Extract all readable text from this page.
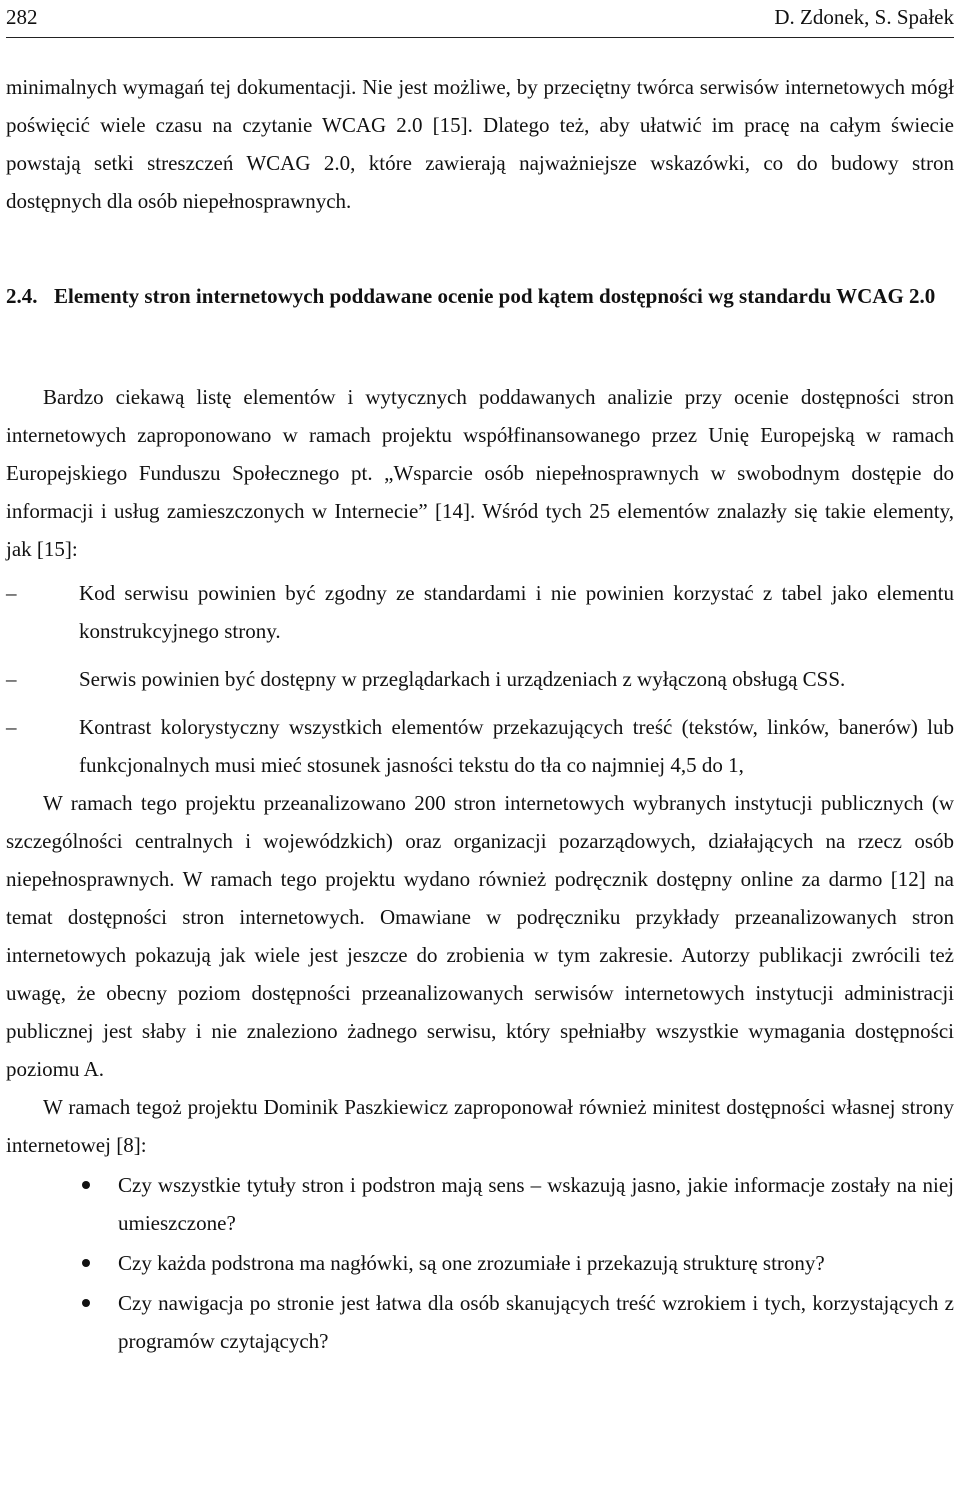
282	D. Zdonek, S. Spałek

minimalnych wymagań tej dokumentacji. Nie jest możliwe, by przeciętny twórca serwisów internetowych mógł poświęcić wiele czasu na czytanie WCAG 2.0 [15]. Dlatego też, aby ułatwić im pracę na całym świecie powstają setki streszczeń WCAG 2.0, które zawierają najważniejsze wskazówki, co do budowy stron dostępnych dla osób niepełnosprawnych.

2.4. Elementy stron internetowych poddawane ocenie pod kątem dostępności wg standardu WCAG 2.0

Bardzo ciekawą listę elementów i wytycznych poddawanych analizie przy ocenie dostępności stron internetowych zaproponowano w ramach projektu współfinansowanego przez Unię Europejską w ramach Europejskiego Funduszu Społecznego pt. „Wsparcie osób niepełnosprawnych w swobodnym dostępie do informacji i usług zamieszczonych w Internecie” [14]. Wśród tych 25 elementów znalazły się takie elementy, jak [15]:

–	Kod serwisu powinien być zgodny ze standardami i nie powinien korzystać z tabel jako elementu konstrukcyjnego strony.
–	Serwis powinien być dostępny w przeglądarkach i urządzeniach z wyłączoną obsługą CSS.
–	Kontrast kolorystyczny wszystkich elementów przekazujących treść (tekstów, linków, banerów) lub funkcjonalnych musi mieć stosunek jasności tekstu do tła co najmniej 4,5 do 1,

W ramach tego projektu przeanalizowano 200 stron internetowych wybranych instytucji publicznych (w szczególności centralnych i wojewódzkich) oraz organizacji pozarządowych, działających na rzecz osób niepełnosprawnych. W ramach tego projektu wydano również podręcznik dostępny online za darmo [12] na temat dostępności stron internetowych. Omawiane w podręczniku przykłady przeanalizowanych stron internetowych pokazują jak wiele jest jeszcze do zrobienia w tym zakresie. Autorzy publikacji zwrócili też uwagę, że obecny poziom dostępności przeanalizowanych serwisów internetowych instytucji administracji publicznej jest słaby i nie znaleziono żadnego serwisu, który spełniałby wszystkie wymagania dostępności poziomu A.

W ramach tegoż projektu Dominik Paszkiewicz zaproponował również minitest dostępności własnej strony internetowej [8]:

Czy wszystkie tytuły stron i podstron mają sens – wskazują jasno, jakie informacje zostały na niej umieszczone?
Czy każda podstrona ma nagłówki, są one zrozumiałe i przekazują strukturę strony?
Czy nawigacja po stronie jest łatwa dla osób skanujących treść wzrokiem i tych, korzystających z programów czytających?
